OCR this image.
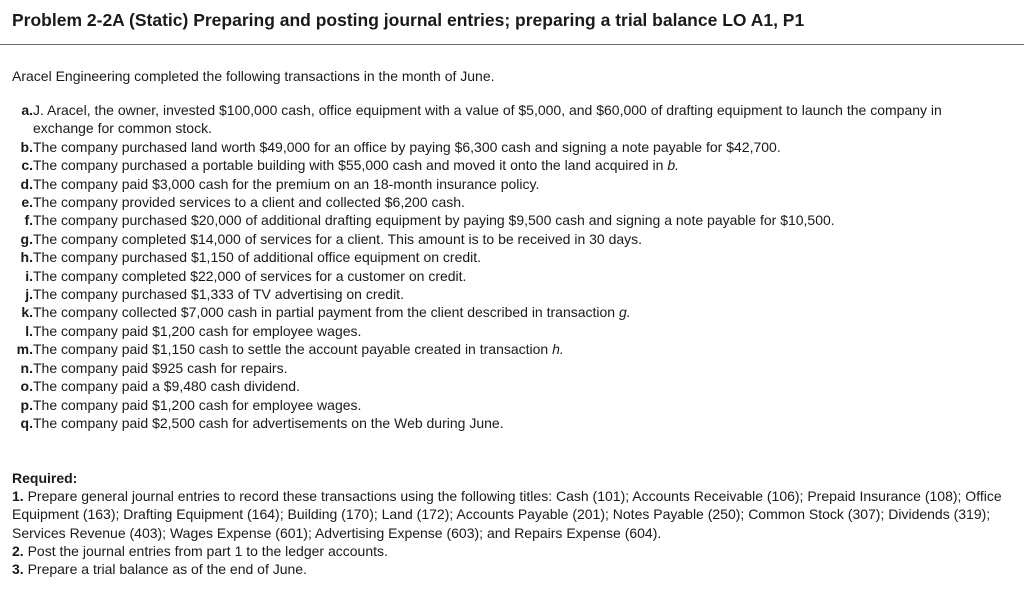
Problem 2-2A (Static) Preparing and posting journal entries; preparing a trial balance LO A1, P1

Aracel Engineering completed the following transactions in the month of June.

a. J. Aracel, the owner, invested $100,000 cash, office equipment with a value of $5,000, and $60,000 of drafting equipment to launch the company in exchange for common stock.
b. The company purchased land worth $49,000 for an office by paying $6,300 cash and signing a note payable for $42,700.
c. The company purchased a portable building with $55,000 cash and moved it onto the land acquired in b.
d. The company paid $3,000 cash for the premium on an 18-month insurance policy.
e. The company provided services to a client and collected $6,200 cash.
f. The company purchased $20,000 of additional drafting equipment by paying $9,500 cash and signing a note payable for $10,500.
g. The company completed $14,000 of services for a client. This amount is to be received in 30 days.
h. The company purchased $1,150 of additional office equipment on credit.
i. The company completed $22,000 of services for a customer on credit.
j. The company purchased $1,333 of TV advertising on credit.
k. The company collected $7,000 cash in partial payment from the client described in transaction g.
l. The company paid $1,200 cash for employee wages.
m. The company paid $1,150 cash to settle the account payable created in transaction h.
n. The company paid $925 cash for repairs.
o. The company paid a $9,480 cash dividend.
p. The company paid $1,200 cash for employee wages.
q. The company paid $2,500 cash for advertisements on the Web during June.

Required:

1. Prepare general journal entries to record these transactions using the following titles: Cash (101); Accounts Receivable (106); Prepaid Insurance (108); Office Equipment (163); Drafting Equipment (164); Building (170); Land (172); Accounts Payable (201); Notes Payable (250); Common Stock (307); Dividends (319); Services Revenue (403); Wages Expense (601); Advertising Expense (603); and Repairs Expense (604).
2. Post the journal entries from part 1 to the ledger accounts.
3. Prepare a trial balance as of the end of June.
